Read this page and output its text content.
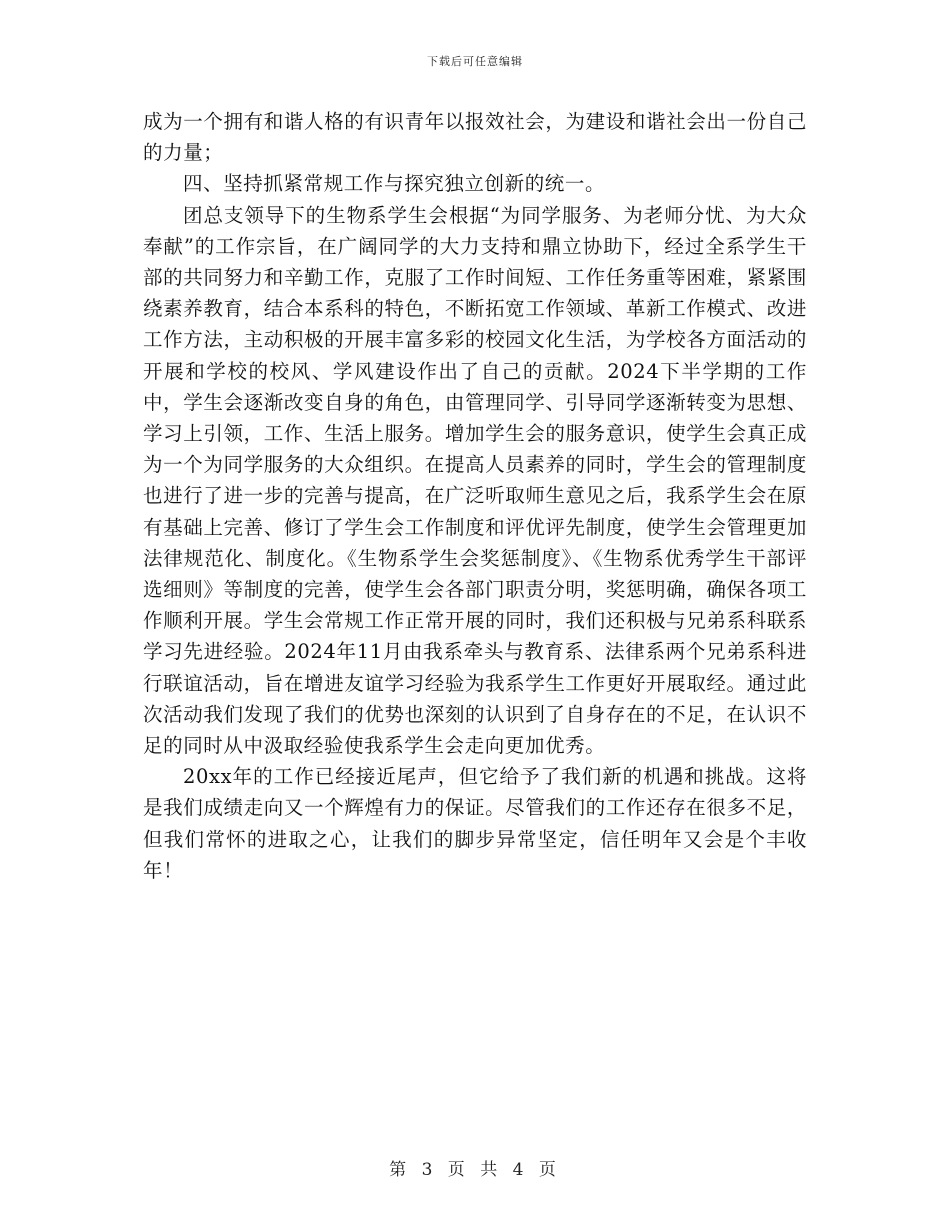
下载后可任意编辑

成为一个拥有和谐人格的有识青年以报效社会，为建设和谐社会出一份自己的力量；

四、坚持抓紧常规工作与探究独立创新的统一。

团总支领导下的生物系学生会根据“为同学服务、为老师分忧、为大众奉献”的工作宗旨，在广阔同学的大力支持和鼎立协助下，经过全系学生干部的共同努力和辛勤工作，克服了工作时间短、工作任务重等困难，紧紧围绕素养教育，结合本系科的特色，不断拓宽工作领域、革新工作模式、改进工作方法，主动积极的开展丰富多彩的校园文化生活，为学校各方面活动的开展和学校的校风、学风建设作出了自己的贡献。2024下半学期的工作中，学生会逐渐改变自身的角色，由管理同学、引导同学逐渐转变为思想、学习上引领，工作、生活上服务。增加学生会的服务意识，使学生会真正成为一个为同学服务的大众组织。在提高人员素养的同时，学生会的管理制度也进行了进一步的完善与提高，在广泛听取师生意见之后，我系学生会在原有基础上完善、修订了学生会工作制度和评优评先制度，使学生会管理更加法律规范化、制度化。《生物系学生会奖惩制度》、《生物系优秀学生干部评选细则》等制度的完善，使学生会各部门职责分明，奖惩明确，确保各项工作顺利开展。学生会常规工作正常开展的同时，我们还积极与兄弟系科联系学习先进经验。2024年11月由我系牵头与教育系、法律系两个兄弟系科进行联谊活动，旨在增进友谊学习经验为我系学生工作更好开展取经。通过此次活动我们发现了我们的优势也深刻的认识到了自身存在的不足，在认识不足的同时从中汲取经验使我系学生会走向更加优秀。

20xx年的工作已经接近尾声，但它给予了我们新的机遇和挑战。这将是我们成绩走向又一个辉煌有力的保证。尽管我们的工作还存在很多不足，但我们常怀的进取之心，让我们的脚步异常坚定，信任明年又会是个丰收年！

第 3 页 共 4 页
